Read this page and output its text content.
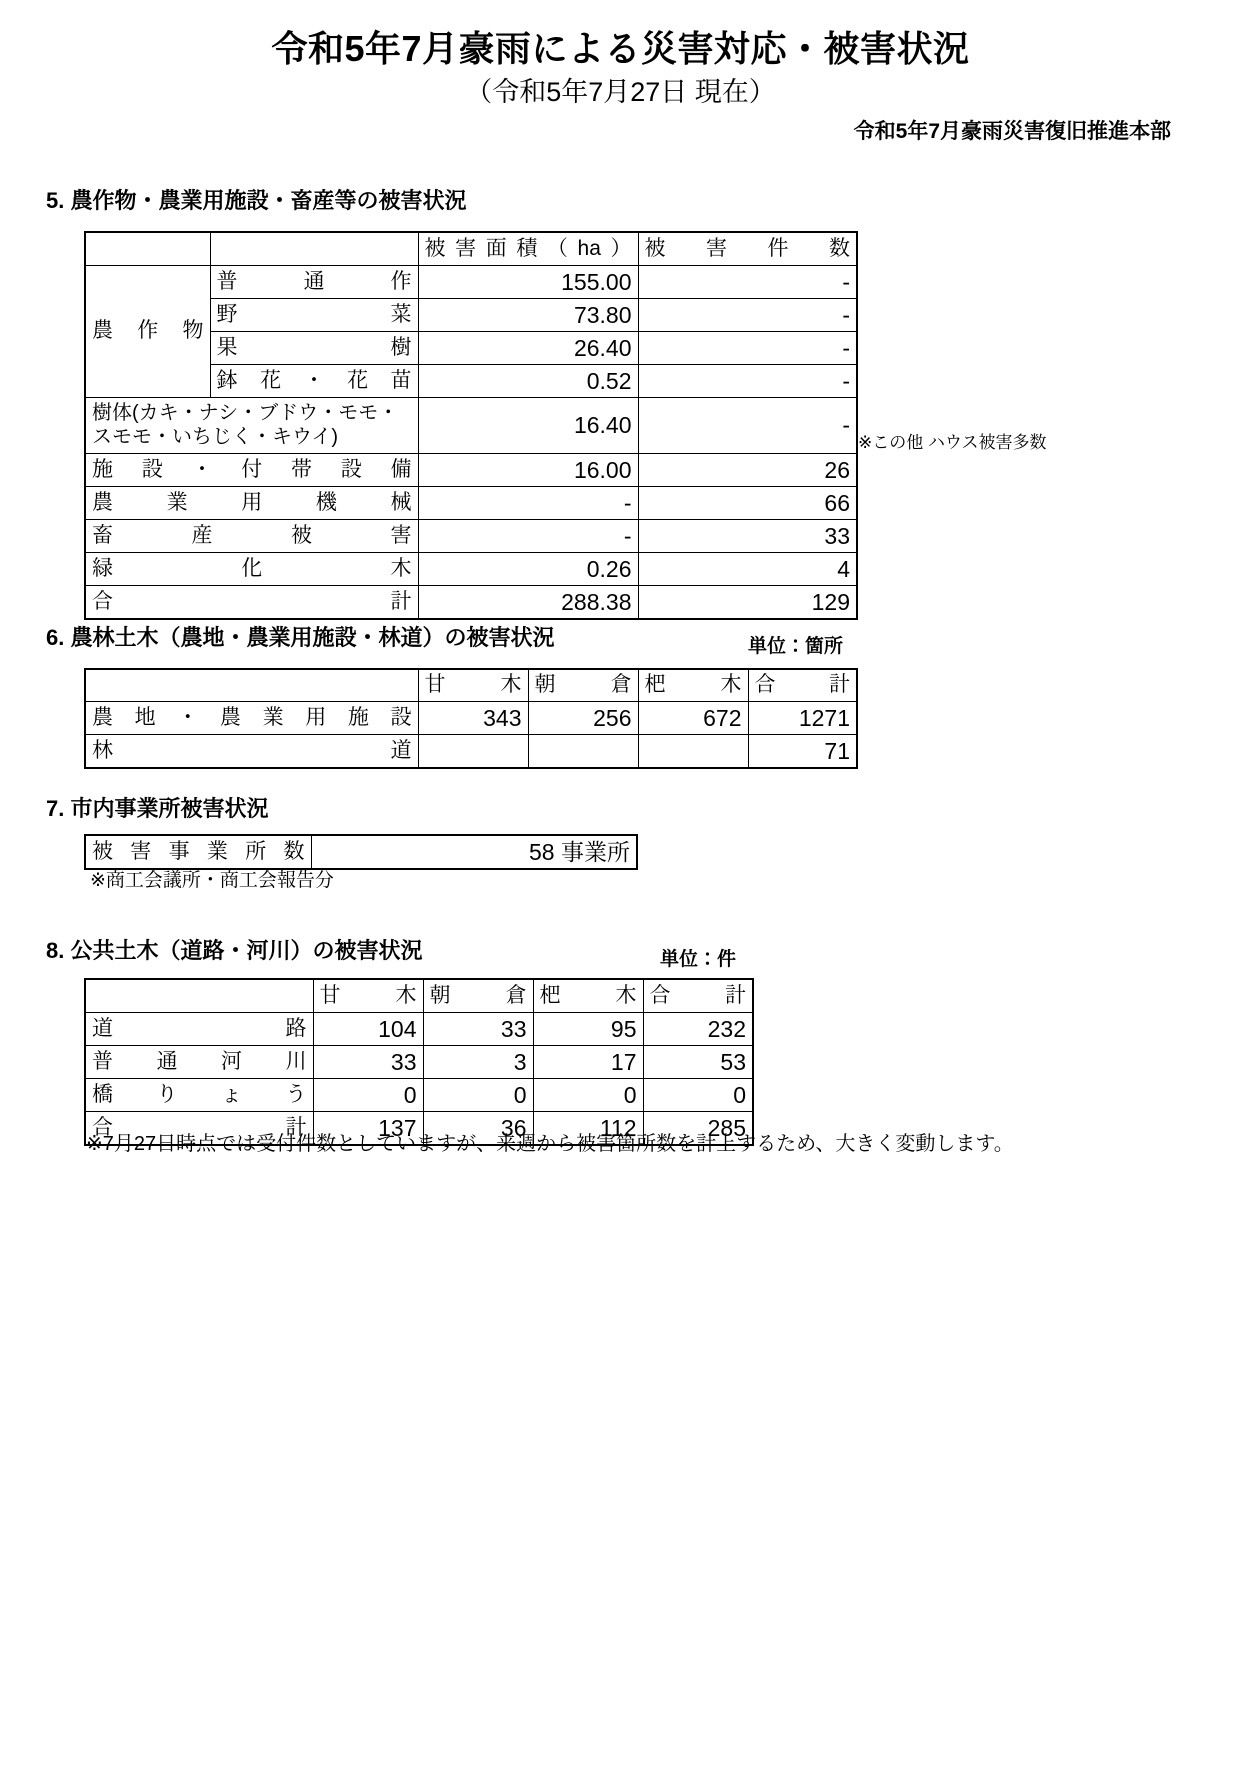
令和5年7月豪雨による災害対応・被害状況
（令和5年7月27日 現在）
令和5年7月豪雨災害復旧推進本部
5. 農作物・農業用施設・畜産等の被害状況
		被害面積（ha）	被害件数
農作物	普通作	155.00	-
	野菜	73.80	-
	果樹	26.40	-
	鉢花・花苗	0.52	-
樹体(カキ・ナシ・ブドウ・モモ・スモモ・いちじく・キウイ)		16.40	-
施設・付帯設備		16.00	26
農業用機械		-	66
畜産被害		-	33
緑化木		0.26	4
合計		288.38	129
※この他 ハウス被害多数
6. 農林土木（農地・農業用施設・林道）の被害状況	単位：箇所
	甘木	朝倉	杷木	合計
農地・農業用施設	343	256	672	1271
林道				71
7. 市内事業所被害状況
被害事業所数	58 事業所
※商工会議所・商工会報告分
8. 公共土木（道路・河川）の被害状況	単位：件
	甘木	朝倉	杷木	合計
道路	104	33	95	232
普通河川	33	3	17	53
橋りょう	0	0	0	0
合計	137	36	112	285
※7月27日時点では受付件数としていますが、来週から被害箇所数を計上するため、大きく変動します。
